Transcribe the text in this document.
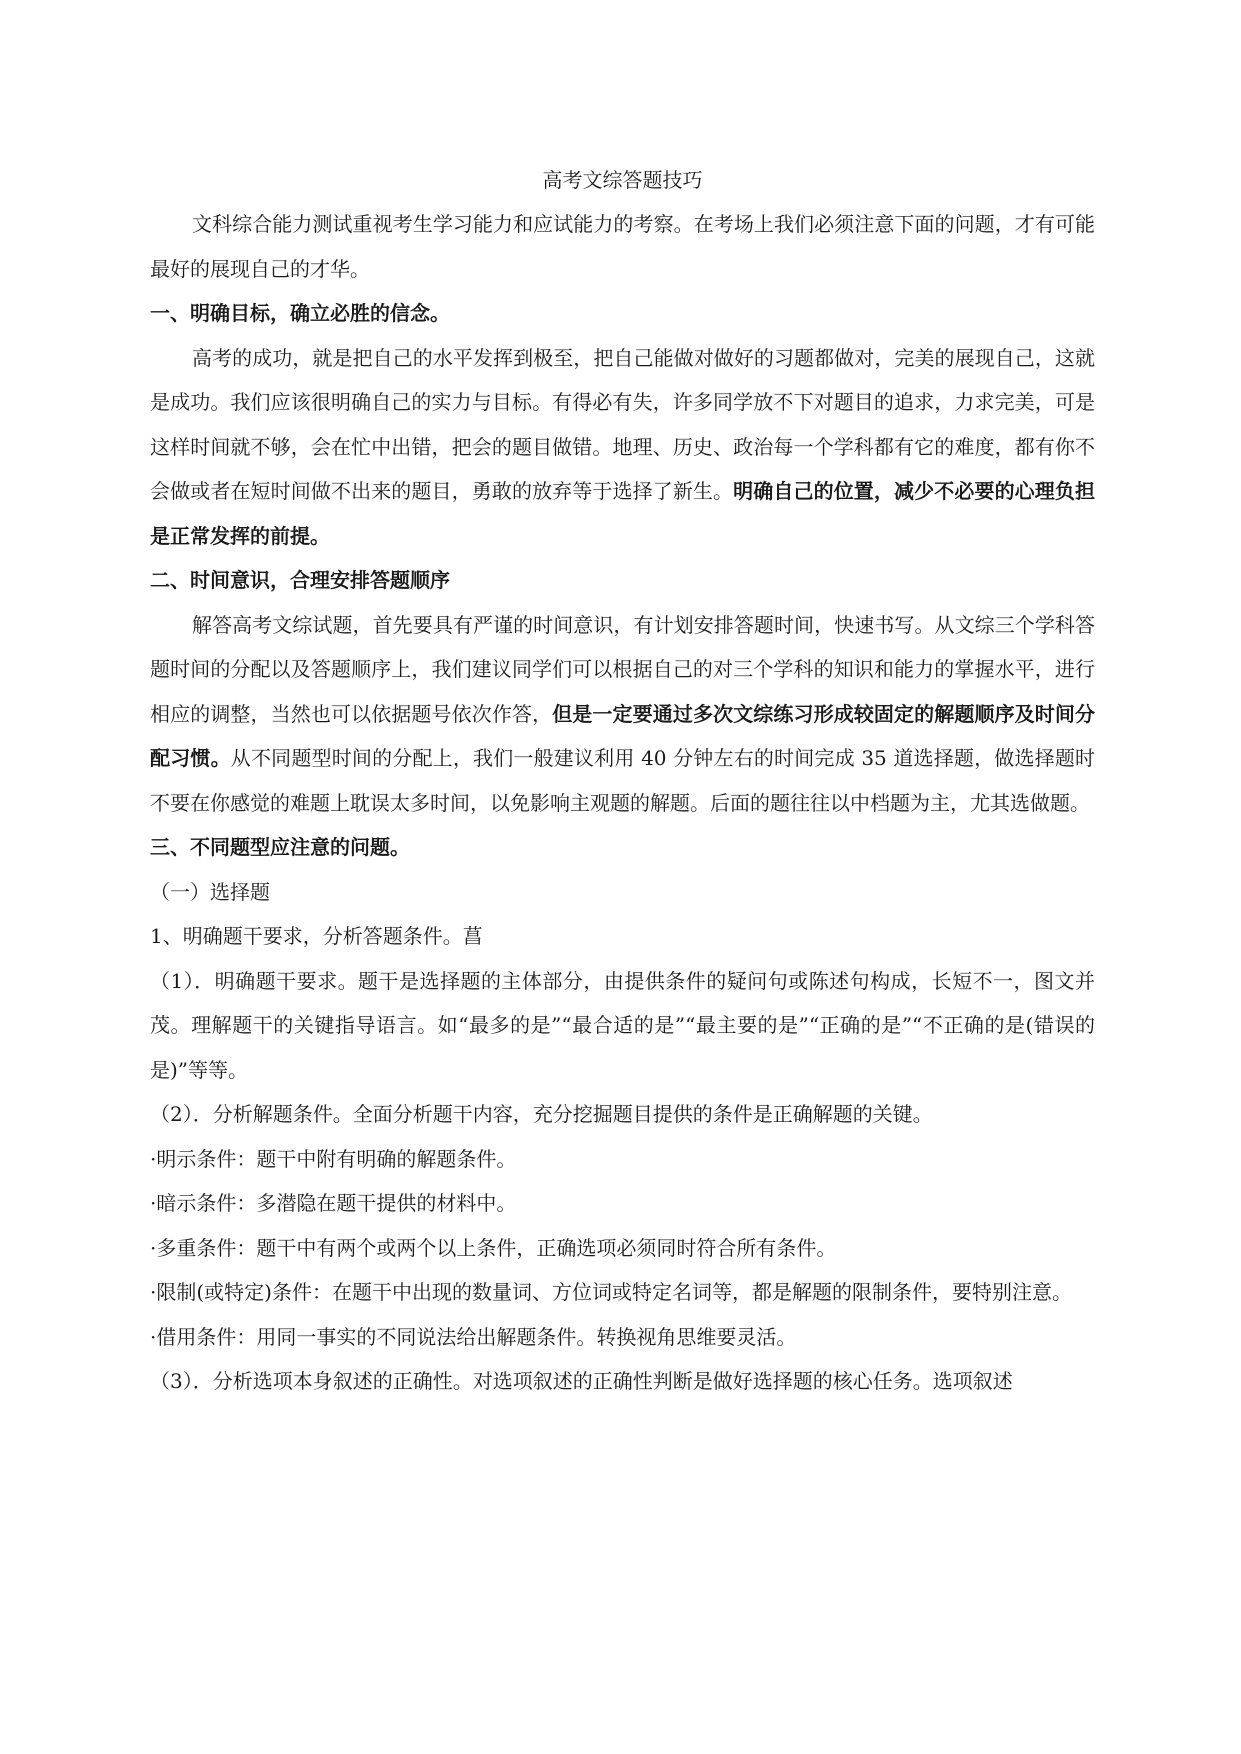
高考文综答题技巧

文科综合能力测试重视考生学习能力和应试能力的考察。在考场上我们必须注意下面的问题，才有可能最好的展现自己的才华。

一、明确目标，确立必胜的信念。

高考的成功，就是把自己的水平发挥到极至，把自己能做对做好的习题都做对，完美的展现自己，这就是成功。我们应该很明确自己的实力与目标。有得必有失，许多同学放不下对题目的追求，力求完美，可是这样时间就不够，会在忙中出错，把会的题目做错。地理、历史、政治每一个学科都有它的难度，都有你不会做或者在短时间做不出来的题目，勇敢的放弃等于选择了新生。明确自己的位置，减少不必要的心理负担是正常发挥的前提。

二、时间意识，合理安排答题顺序

解答高考文综试题，首先要具有严谨的时间意识，有计划安排答题时间，快速书写。从文综三个学科答题时间的分配以及答题顺序上，我们建议同学们可以根据自己的对三个学科的知识和能力的掌握水平，进行相应的调整，当然也可以依据题号依次作答，但是一定要通过多次文综练习形成较固定的解题顺序及时间分配习惯。从不同题型时间的分配上，我们一般建议利用 40 分钟左右的时间完成 35 道选择题，做选择题时不要在你感觉的难题上耽误太多时间，以免影响主观题的解题。后面的题往往以中档题为主，尤其选做题。

三、不同题型应注意的问题。

（一）选择题

1、明确题干要求，分析答题条件。菖

（1）．明确题干要求。题干是选择题的主体部分，由提供条件的疑问句或陈述句构成，长短不一，图文并茂。理解题干的关键指导语言。如“最多的是”“最合适的是”“最主要的是”“正确的是”“不正确的是(错误的是)”等等。

（2）．分析解题条件。全面分析题干内容，充分挖掘题目提供的条件是正确解题的关键。

·明示条件：题干中附有明确的解题条件。

·暗示条件：多潜隐在题干提供的材料中。

·多重条件：题干中有两个或两个以上条件，正确选项必须同时符合所有条件。

·限制(或特定)条件：在题干中出现的数量词、方位词或特定名词等，都是解题的限制条件，要特别注意。

·借用条件：用同一事实的不同说法给出解题条件。转换视角思维要灵活。

（3）．分析选项本身叙述的正确性。对选项叙述的正确性判断是做好选择题的核心任务。选项叙述
